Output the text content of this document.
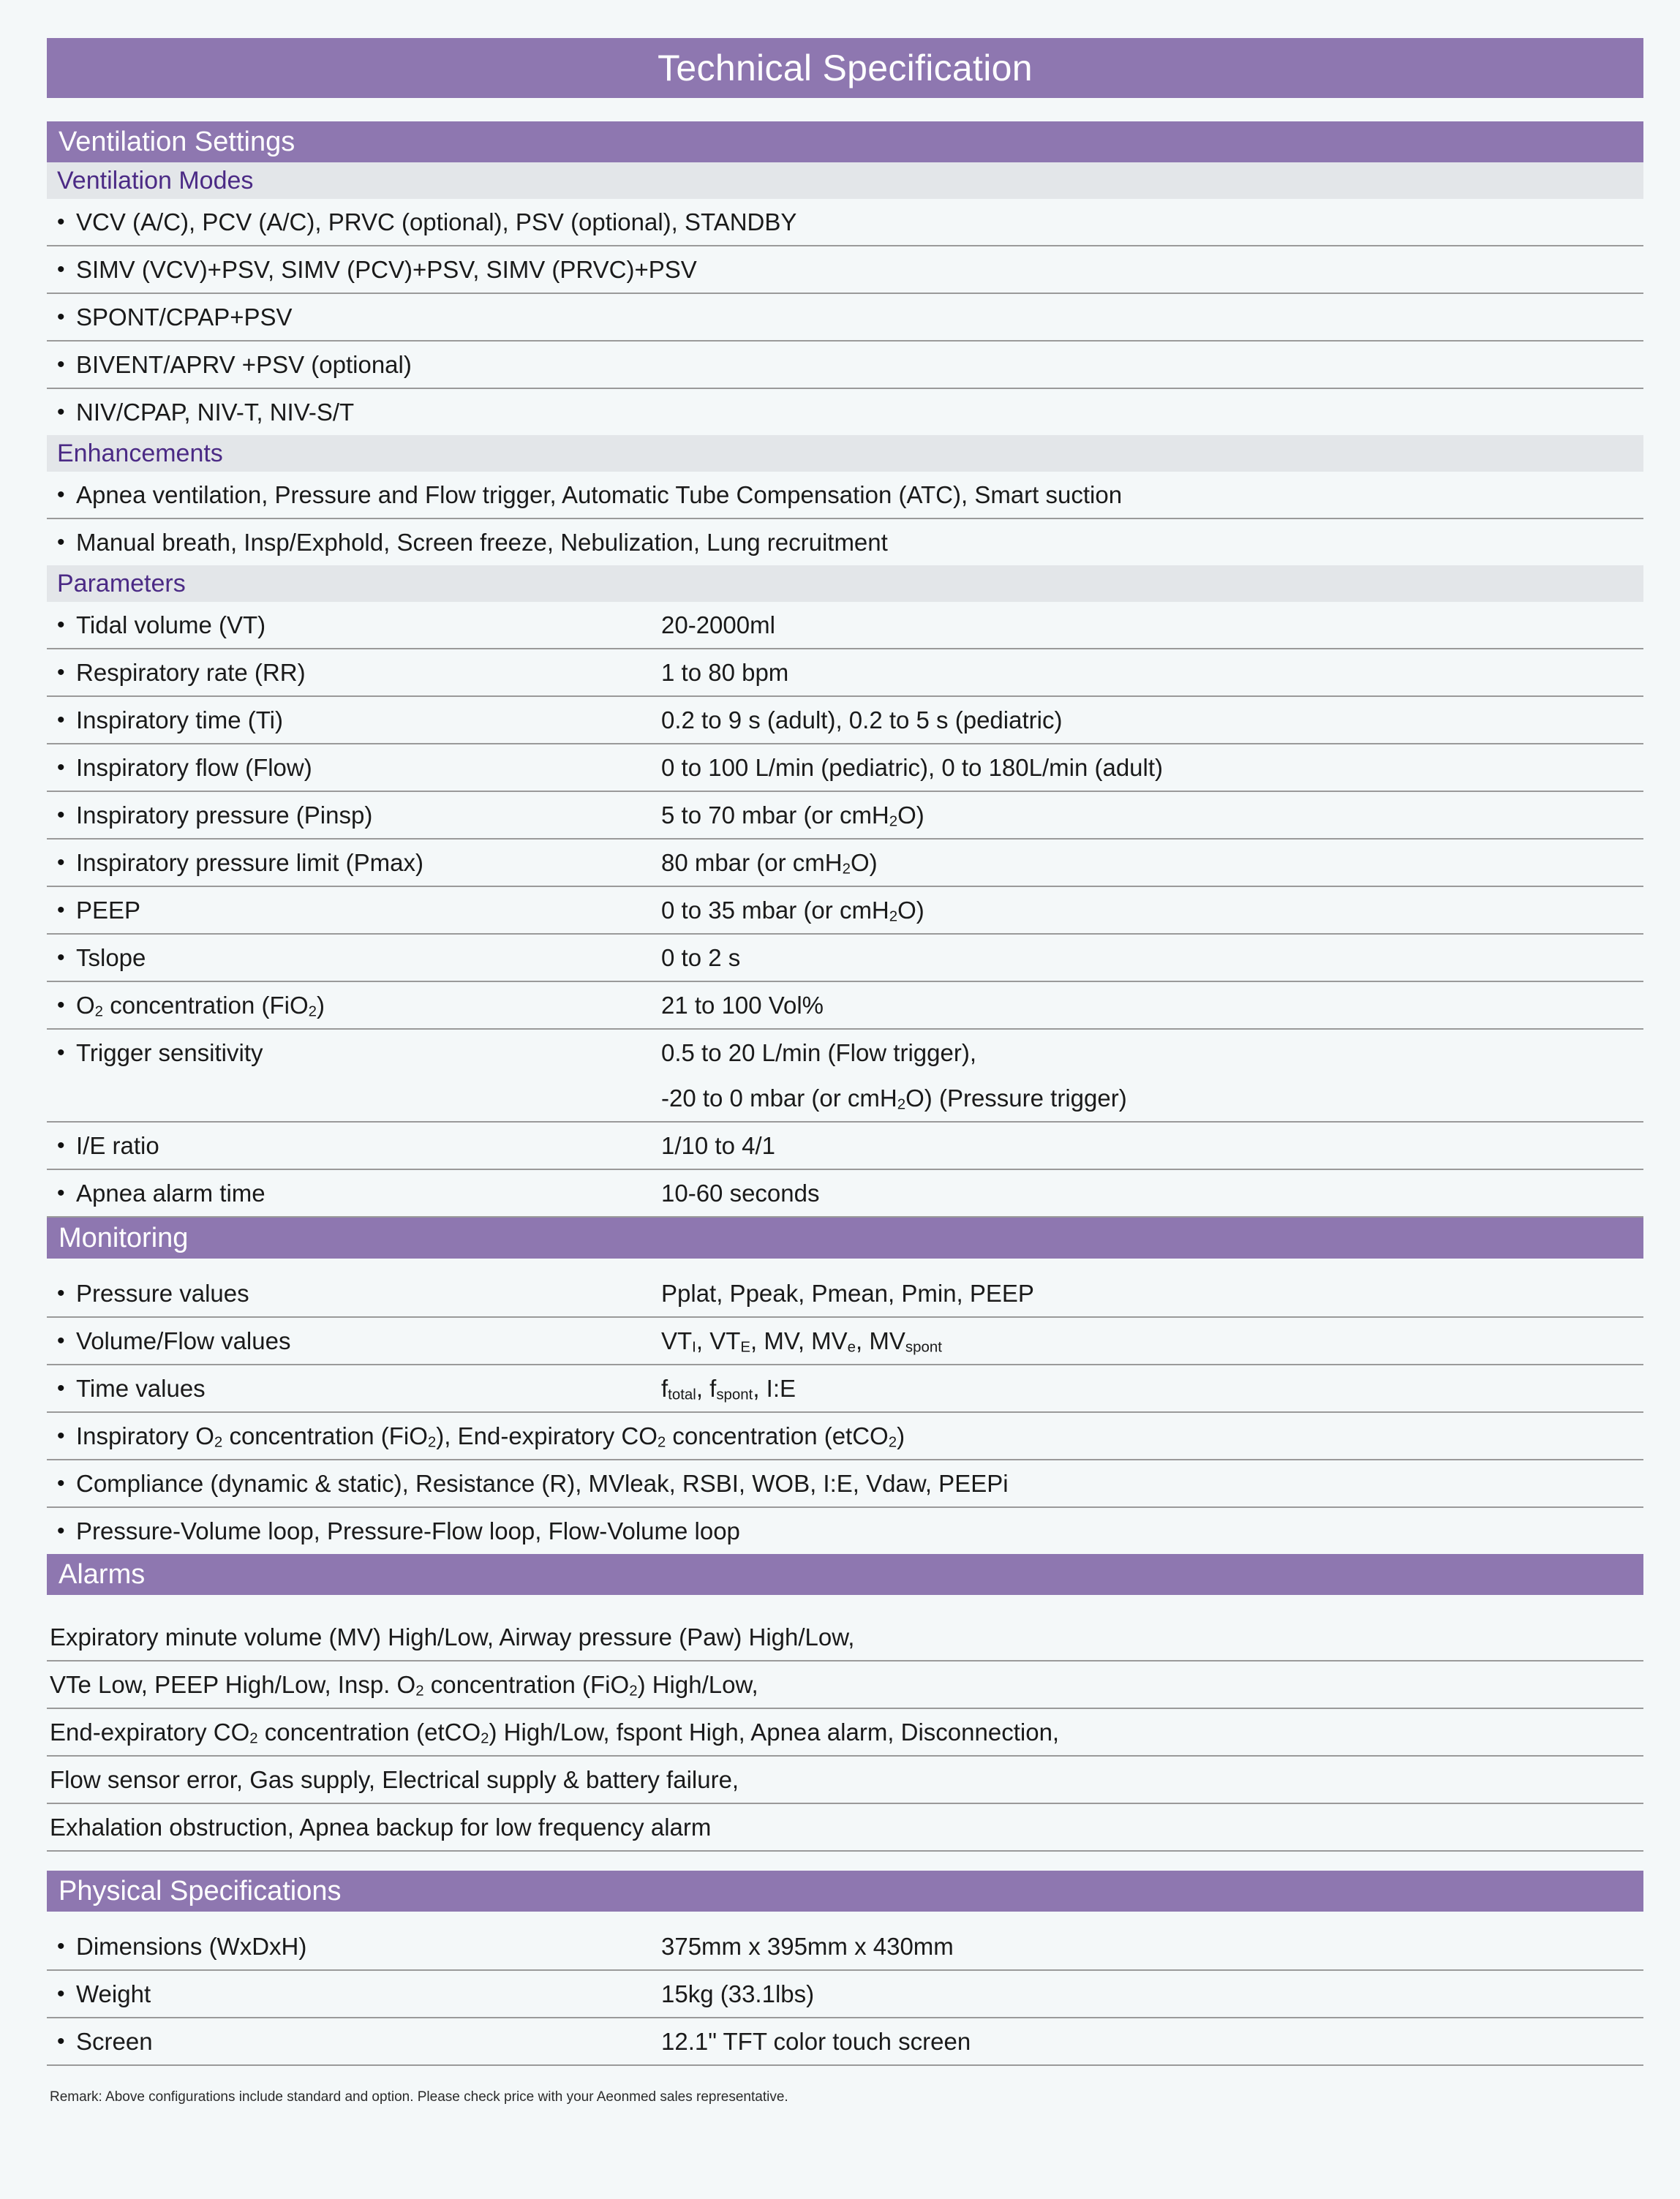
Technical Specification
Ventilation Settings
Ventilation Modes
• VCV (A/C), PCV (A/C), PRVC (optional), PSV (optional), STANDBY
• SIMV (VCV)+PSV, SIMV (PCV)+PSV, SIMV (PRVC)+PSV
• SPONT/CPAP+PSV
• BIVENT/APRV +PSV (optional)
• NIV/CPAP, NIV-T, NIV-S/T
Enhancements
• Apnea ventilation, Pressure and Flow trigger, Automatic Tube Compensation (ATC), Smart suction
• Manual breath, Insp/Exphold, Screen freeze, Nebulization, Lung recruitment
Parameters
• Tidal volume (VT)	20-2000ml
• Respiratory rate (RR)	1 to 80 bpm
• Inspiratory time (Ti)	0.2 to 9 s (adult), 0.2 to 5 s (pediatric)
• Inspiratory flow (Flow)	0 to 100 L/min (pediatric), 0 to 180L/min (adult)
• Inspiratory pressure (Pinsp)	5 to 70 mbar (or cmH$_2$O)
• Inspiratory pressure limit (Pmax)	80 mbar (or cmH$_2$O)
• PEEP	0 to 35 mbar (or cmH$_2$O)
• Tslope	0 to 2 s
• $O_2$ concentration (FiO$_2$)	21 to 100 Vol%
• Trigger sensitivity	0.5 to 20 L/min (Flow trigger),
-20 to 0 mbar (or cmH$_2$O) (Pressure trigger)
• I/E ratio	1/10 to 4/1
• Apnea alarm time	10-60 seconds
Monitoring
• Pressure values	Pplat, Ppeak, Pmean, Pmin, PEEP
• Volume/Flow values	$VT_I$, $VT_E$, MV, $MV_e$, $MV_{spont}$
• Time values	$f_{total}$, $f_{spont}$, I:E
• Inspiratory $O_2$ concentration (FiO$_2$), End-expiratory $CO_2$ concentration (etCO$_2$)
• Compliance (dynamic & static), Resistance (R), MVleak, RSBI, WOB, I:E, Vdaw, PEEPi
• Pressure-Volume loop, Pressure-Flow loop, Flow-Volume loop
Alarms
Expiratory minute volume (MV) High/Low, Airway pressure (Paw) High/Low,
VTe Low, PEEP High/Low, Insp. $O_2$ concentration (FiO$_2$) High/Low,
End-expiratory $CO_2$ concentration (etCO$_2$) High/Low, fspont High, Apnea alarm, Disconnection,
Flow sensor error, Gas supply, Electrical supply & battery failure,
Exhalation obstruction, Apnea backup for low frequency alarm
Physical Specifications
• Dimensions (WxDxH)	375mm x 395mm x 430mm
• Weight	15kg (33.1lbs)
• Screen	12.1" TFT color touch screen
Remark: Above configurations include standard and option. Please check price with your Aeonmed sales representative.
